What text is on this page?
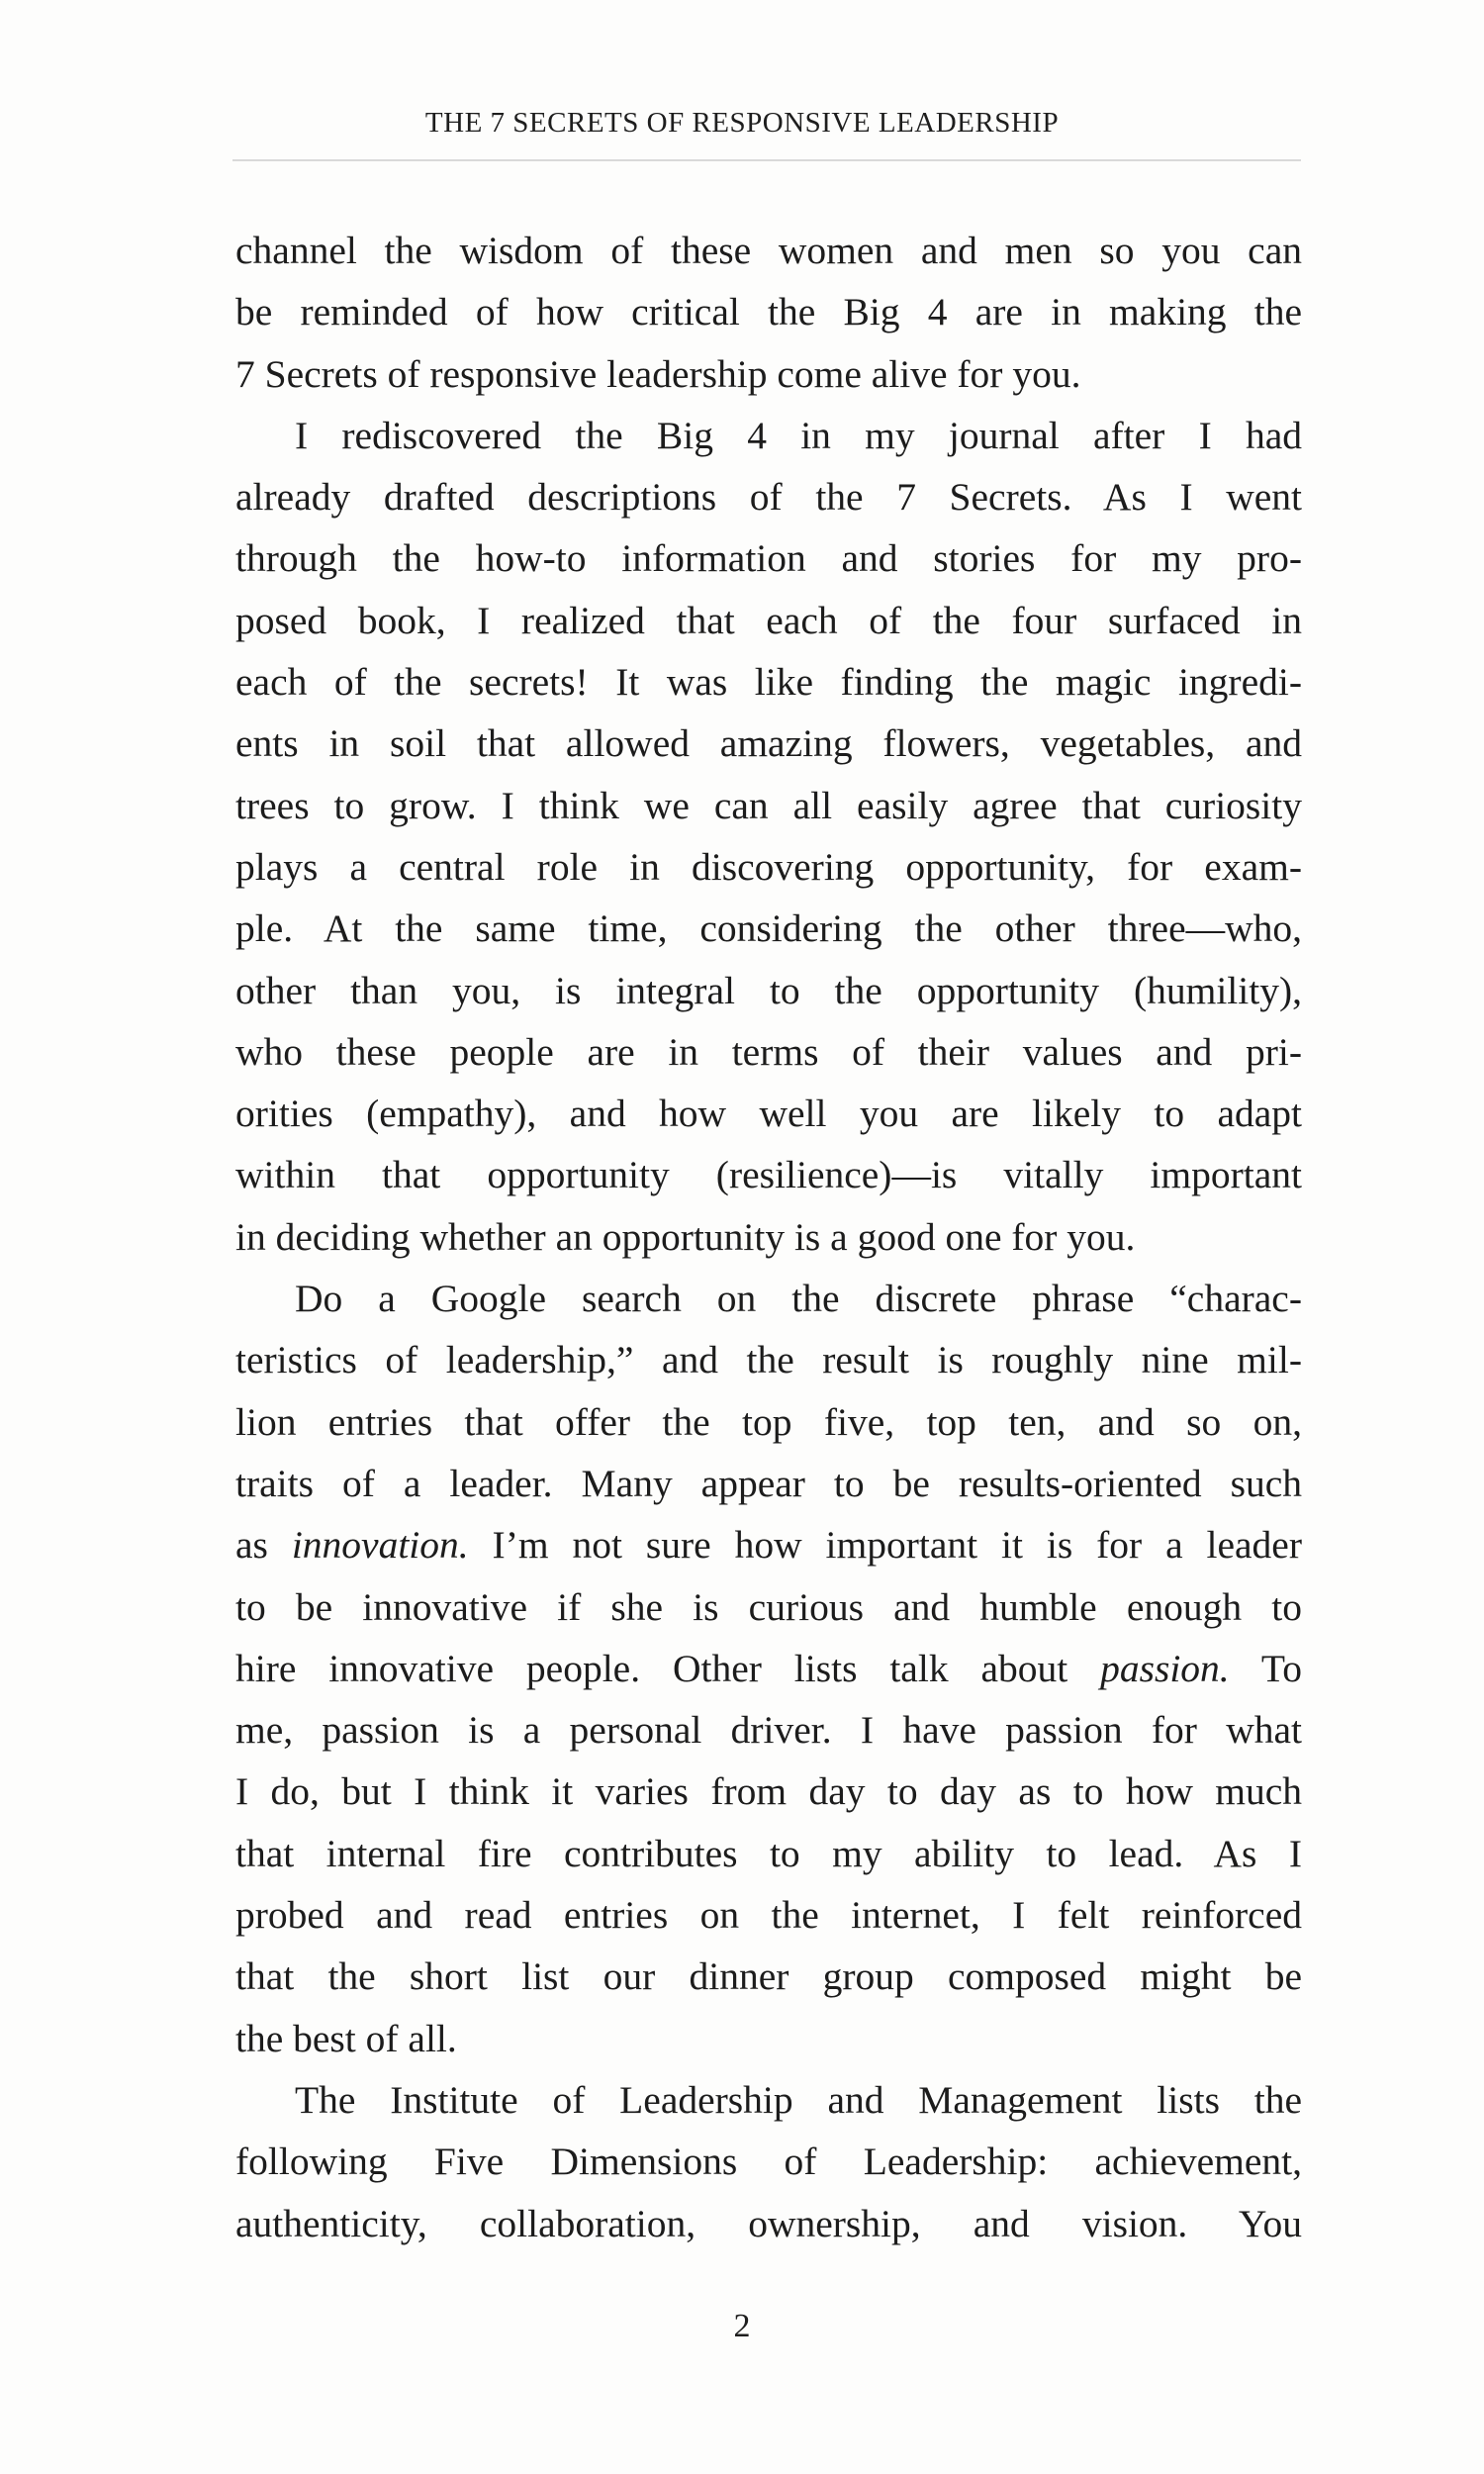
THE 7 SECRETS OF RESPONSIVE LEADERSHIP

channel the wisdom of these women and men so you can
be reminded of how critical the Big 4 are in making the
7 Secrets of responsive leadership come alive for you.

I rediscovered the Big 4 in my journal after I had
already drafted descriptions of the 7 Secrets. As I went
through the how-to information and stories for my pro-
posed book, I realized that each of the four surfaced in
each of the secrets! It was like finding the magic ingredi-
ents in soil that allowed amazing flowers, vegetables, and
trees to grow. I think we can all easily agree that curiosity
plays a central role in discovering opportunity, for exam-
ple. At the same time, considering the other three—who,
other than you, is integral to the opportunity (humility),
who these people are in terms of their values and pri-
orities (empathy), and how well you are likely to adapt
within that opportunity (resilience)—is vitally important
in deciding whether an opportunity is a good one for you.

Do a Google search on the discrete phrase “charac-
teristics of leadership,” and the result is roughly nine mil-
lion entries that offer the top five, top ten, and so on,
traits of a leader. Many appear to be results-oriented such
as innovation. I’m not sure how important it is for a leader
to be innovative if she is curious and humble enough to
hire innovative people. Other lists talk about passion. To
me, passion is a personal driver. I have passion for what
I do, but I think it varies from day to day as to how much
that internal fire contributes to my ability to lead. As I
probed and read entries on the internet, I felt reinforced
that the short list our dinner group composed might be
the best of all.

The Institute of Leadership and Management lists the
following Five Dimensions of Leadership: achievement,
authenticity, collaboration, ownership, and vision. You

2
